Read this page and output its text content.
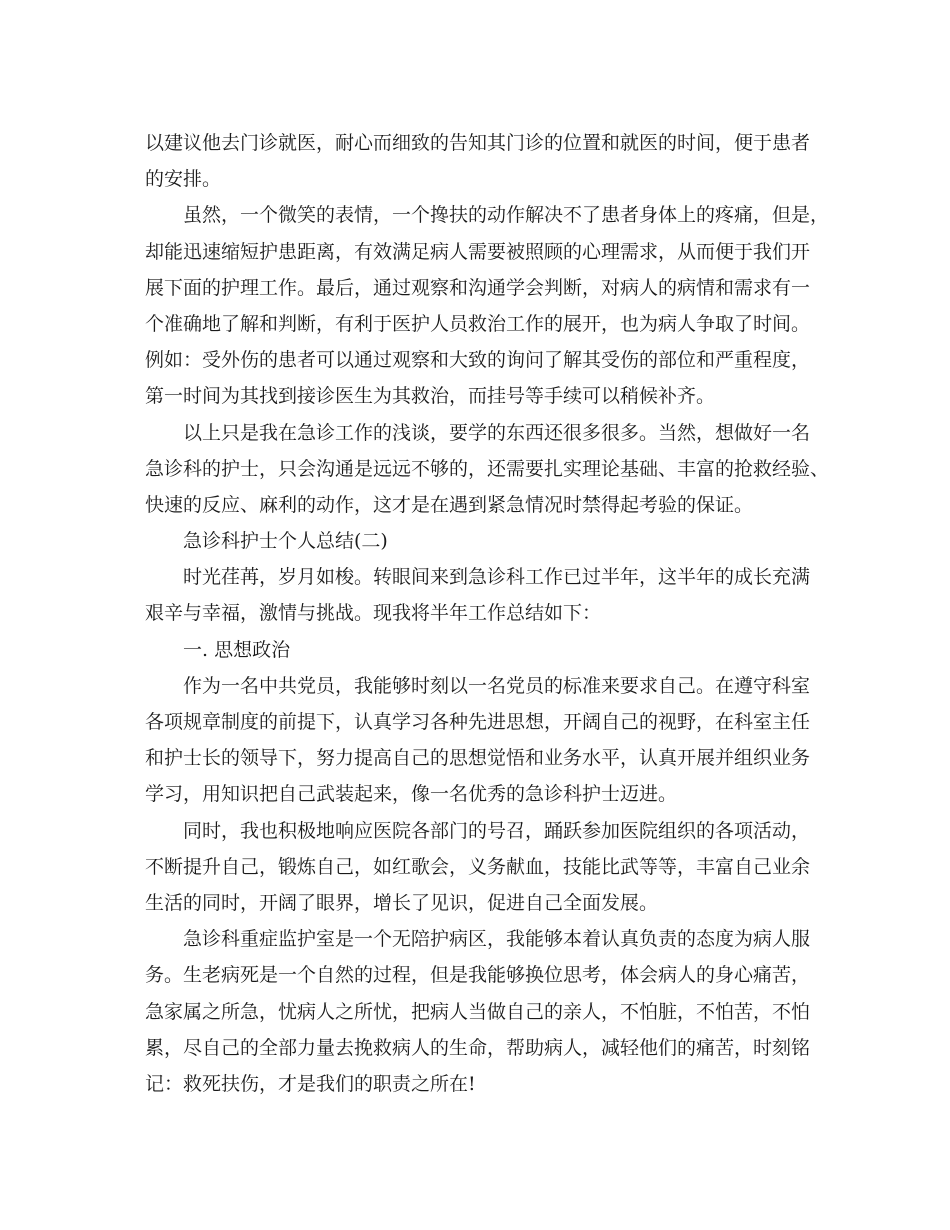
以建议他去门诊就医，耐心而细致的告知其门诊的位置和就医的时间，便于患者
的安排。
虽然，一个微笑的表情，一个搀扶的动作解决不了患者身体上的疼痛，但是，
却能迅速缩短护患距离，有效满足病人需要被照顾的心理需求，从而便于我们开
展下面的护理工作。最后，通过观察和沟通学会判断，对病人的病情和需求有一
个准确地了解和判断，有利于医护人员救治工作的展开，也为病人争取了时间。
例如：受外伤的患者可以通过观察和大致的询问了解其受伤的部位和严重程度，
第一时间为其找到接诊医生为其救治，而挂号等手续可以稍候补齐。
以上只是我在急诊工作的浅谈，要学的东西还很多很多。当然，想做好一名
急诊科的护士，只会沟通是远远不够的，还需要扎实理论基础、丰富的抢救经验、
快速的反应、麻利的动作，这才是在遇到紧急情况时禁得起考验的保证。
急诊科护士个人总结(二)
时光荏苒，岁月如梭。转眼间来到急诊科工作已过半年，这半年的成长充满
艰辛与幸福，激情与挑战。现我将半年工作总结如下：
一. 思想政治
作为一名中共党员，我能够时刻以一名党员的标准来要求自己。在遵守科室
各项规章制度的前提下，认真学习各种先进思想，开阔自己的视野，在科室主任
和护士长的领导下，努力提高自己的思想觉悟和业务水平，认真开展并组织业务
学习，用知识把自己武装起来，像一名优秀的急诊科护士迈进。
同时，我也积极地响应医院各部门的号召，踊跃参加医院组织的各项活动，
不断提升自己，锻炼自己，如红歌会，义务献血，技能比武等等，丰富自己业余
生活的同时，开阔了眼界，增长了见识，促进自己全面发展。
急诊科重症监护室是一个无陪护病区，我能够本着认真负责的态度为病人服
务。生老病死是一个自然的过程，但是我能够换位思考，体会病人的身心痛苦，
急家属之所急，忧病人之所忧，把病人当做自己的亲人，不怕脏，不怕苦，不怕
累，尽自己的全部力量去挽救病人的生命，帮助病人，减轻他们的痛苦，时刻铭
记：救死扶伤，才是我们的职责之所在!
